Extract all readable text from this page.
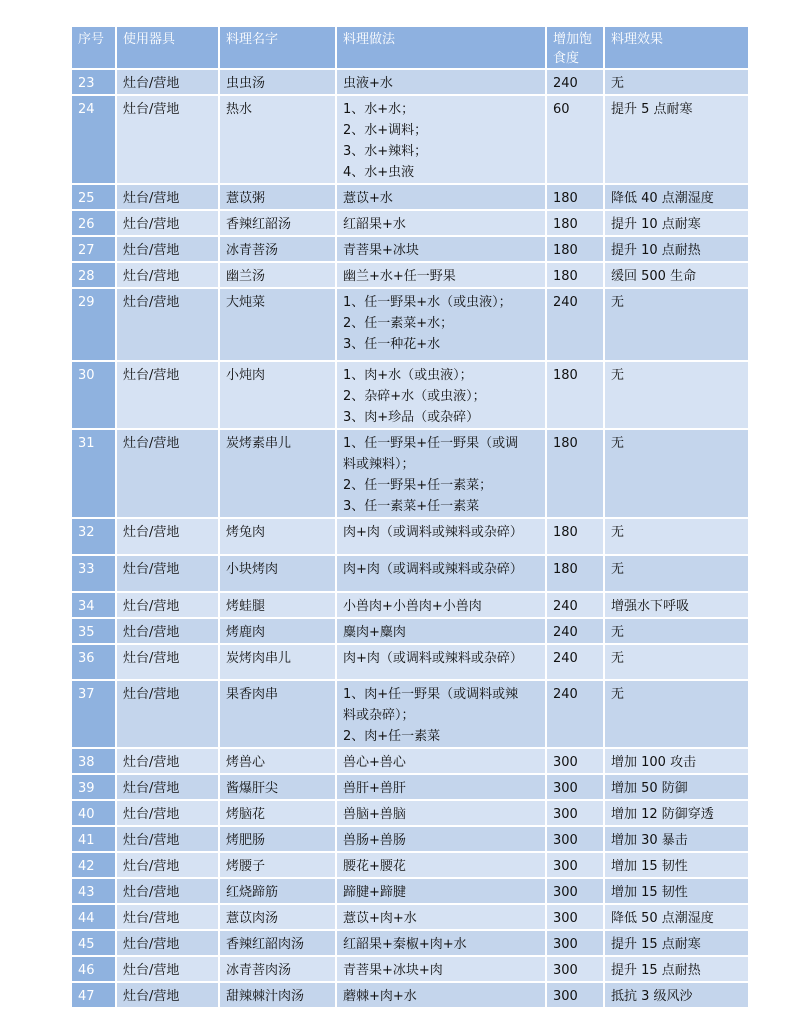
序号	使用器具	料理名字	料理做法	增加饱食度	料理效果
23	灶台/营地	虫虫汤	虫液+水	240	无
24	灶台/营地	热水	1、水+水；
2、水+调料；
3、水+辣料；
4、水+虫液	60	提升 5 点耐寒
25	灶台/营地	薏苡粥	薏苡+水	180	降低 40 点潮湿度
26	灶台/营地	香辣红韶汤	红韶果+水	180	提升 10 点耐寒
27	灶台/营地	冰青菩汤	青菩果+冰块	180	提升 10 点耐热
28	灶台/营地	幽兰汤	幽兰+水+任一野果	180	缓回 500 生命
29	灶台/营地	大炖菜	1、任一野果+水（或虫液）；
2、任一素菜+水；
3、任一种花+水	240	无
30	灶台/营地	小炖肉	1、肉+水（或虫液）；
2、杂碎+水（或虫液）；
3、肉+珍品（或杂碎）	180	无
31	灶台/营地	炭烤素串儿	1、任一野果+任一野果（或调
料或辣料）；
2、任一野果+任一素菜；
3、任一素菜+任一素菜	180	无
32	灶台/营地	烤兔肉	肉+肉（或调料或辣料或杂碎）	180	无
33	灶台/营地	小块烤肉	肉+肉（或调料或辣料或杂碎）	180	无
34	灶台/营地	烤蛙腿	小兽肉+小兽肉+小兽肉	240	增强水下呼吸
35	灶台/营地	烤鹿肉	麋肉+麋肉	240	无
36	灶台/营地	炭烤肉串儿	肉+肉（或调料或辣料或杂碎）	240	无
37	灶台/营地	果香肉串	1、肉+任一野果（或调料或辣
料或杂碎）；
2、肉+任一素菜	240	无
38	灶台/营地	烤兽心	兽心+兽心	300	增加 100 攻击
39	灶台/营地	酱爆肝尖	兽肝+兽肝	300	增加 50 防御
40	灶台/营地	烤脑花	兽脑+兽脑	300	增加 12 防御穿透
41	灶台/营地	烤肥肠	兽肠+兽肠	300	增加 30 暴击
42	灶台/营地	烤腰子	腰花+腰花	300	增加 15 韧性
43	灶台/营地	红烧蹄筋	蹄腱+蹄腱	300	增加 15 韧性
44	灶台/营地	薏苡肉汤	薏苡+肉+水	300	降低 50 点潮湿度
45	灶台/营地	香辣红韶肉汤	红韶果+秦椒+肉+水	300	提升 15 点耐寒
46	灶台/营地	冰青菩肉汤	青菩果+冰块+肉	300	提升 15 点耐热
47	灶台/营地	甜辣棘汁肉汤	蘑棘+肉+水	300	抵抗 3 级风沙
